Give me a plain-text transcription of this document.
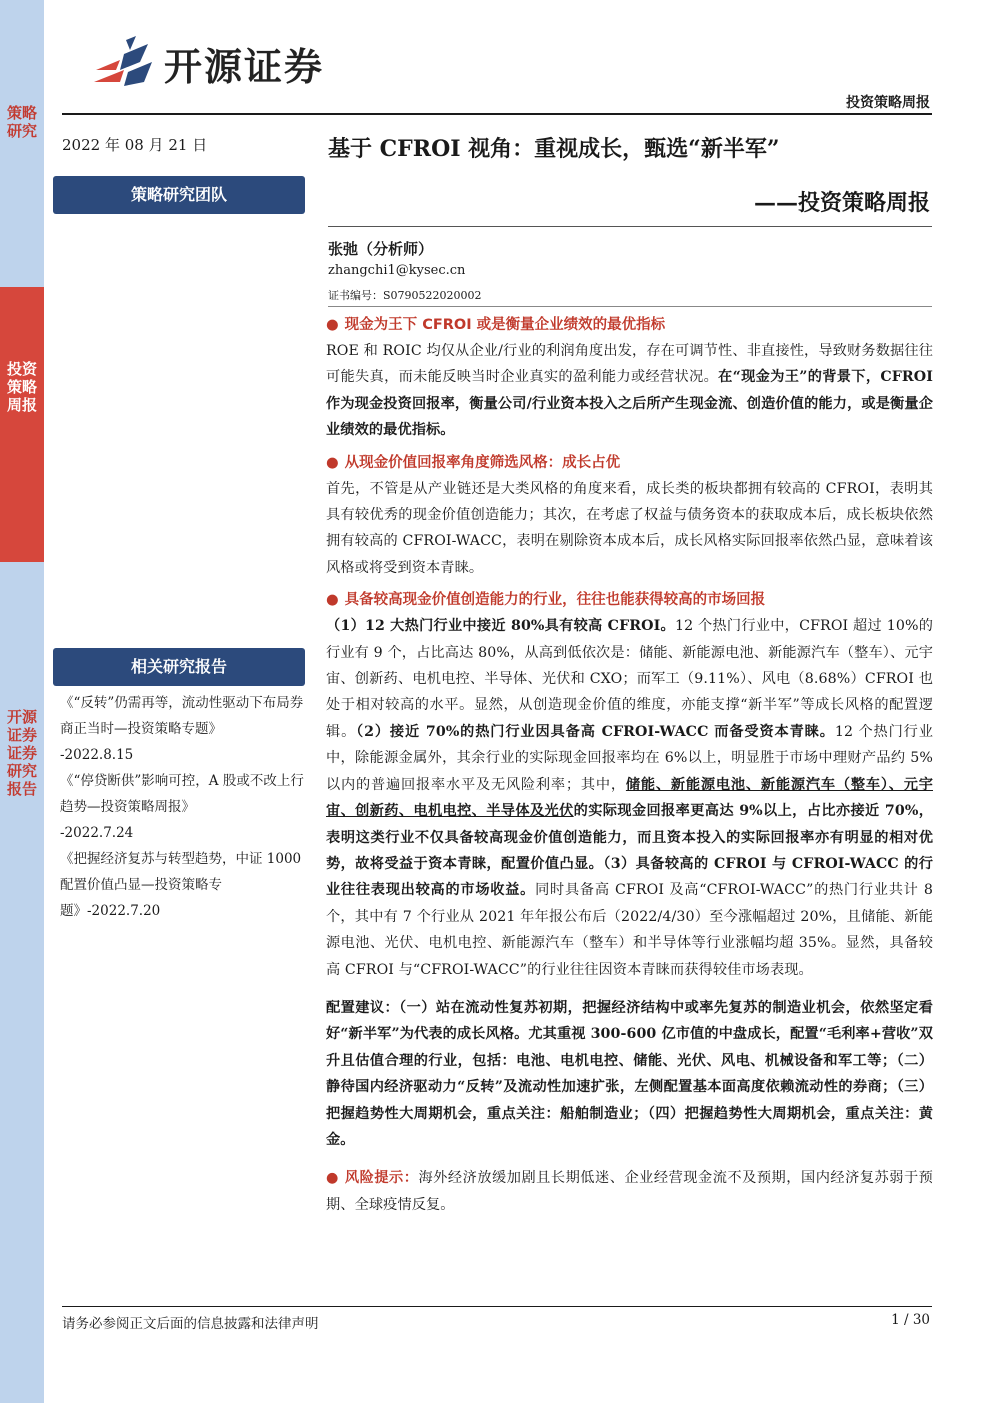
策略研究
投资策略周报
开源证券 证券研究报告
开源证券
投资策略周报
2022 年 08 月 21 日
策略研究团队
相关研究报告
《“反转”仍需再等，流动性驱动下布局券商正当时—投资策略专题》
-2022.8.15
《“停贷断供”影响可控，A 股或不改上行趋势—投资策略周报》
-2022.7.24
《把握经济复苏与转型趋势，中证 1000 配置价值凸显—投资策略专题》-2022.7.20
基于 CFROI 视角：重视成长，甄选“新半军”
——投资策略周报
张弛（分析师）
zhangchi1@kysec.cn
证书编号：S0790522020002
● 现金为王下 CFROI 或是衡量企业绩效的最优指标

ROE 和 ROIC 均仅从企业/行业的利润角度出发，存在可调节性、非直接性，导致财务数据往往可能失真，而未能反映当时企业真实的盈利能力或经营状况。在“现金为王”的背景下，CFROI 作为现金投资回报率，衡量公司/行业资本投入之后所产生现金流、创造价值的能力，或是衡量企业绩效的最优指标。

● 从现金价值回报率角度筛选风格：成长占优

首先，不管是从产业链还是大类风格的角度来看，成长类的板块都拥有较高的 CFROI，表明其具有较优秀的现金价值创造能力；其次，在考虑了权益与债务资本的获取成本后，成长板块依然拥有较高的 CFROI-WACC，表明在剔除资本成本后，成长风格实际回报率依然凸显，意味着该风格或将受到资本青睐。

● 具备较高现金价值创造能力的行业，往往也能获得较高的市场回报

（1）12 大热门行业中接近 80%具有较高 CFROI。12 个热门行业中，CFROI 超过 10%的行业有 9 个，占比高达 80%，从高到低依次是：储能、新能源电池、新能源汽车（整车）、元宇宙、创新药、电机电控、半导体、光伏和 CXO；而军工（9.11%）、风电（8.68%）CFROI 也处于相对较高的水平。显然，从创造现金价值的维度，亦能支撑“新半军”等成长风格的配置逻辑。（2）接近 70%的热门行业因具备高 CFROI-WACC 而备受资本青睐。12 个热门行业中，除能源金属外，其余行业的实际现金回报率均在 6%以上，明显胜于市场中理财产品约 5%以内的普遍回报率水平及无风险利率；其中，储能、新能源电池、新能源汽车（整车）、元宇宙、创新药、电机电控、半导体及光伏的实际现金回报率更高达 9%以上，占比亦接近 70%，表明这类行业不仅具备较高现金价值创造能力，而且资本投入的实际回报率亦有明显的相对优势，故将受益于资本青睐，配置价值凸显。（3）具备较高的 CFROI 与 CFROI-WACC 的行业往往表现出较高的市场收益。同时具备高 CFROI 及高“CFROI-WACC”的热门行业共计 8 个，其中有 7 个行业从 2021 年年报公布后（2022/4/30）至今涨幅超过 20%，且储能、新能源电池、光伏、电机电控、新能源汽车（整车）和半导体等行业涨幅均超 35%。显然，具备较高 CFROI 与“CFROI-WACC”的行业往往因资本青睐而获得较佳市场表现。

配置建议：（一）站在流动性复苏初期，把握经济结构中或率先复苏的制造业机会，依然坚定看好“新半军”为代表的成长风格。尤其重视 300-600 亿市值的中盘成长，配置“毛利率+营收”双升且估值合理的行业，包括：电池、电机电控、储能、光伏、风电、机械设备和军工等；（二）静待国内经济驱动力“反转”及流动性加速扩张，左侧配置基本面高度依赖流动性的券商；（三）把握趋势性大周期机会，重点关注：船舶制造业；（四）把握趋势性大周期机会，重点关注：黄金。

● 风险提示：海外经济放缓加剧且长期低迷、企业经营现金流不及预期，国内经济复苏弱于预期、全球疫情反复。

请务必参阅正文后面的信息披露和法律声明	1 / 30
